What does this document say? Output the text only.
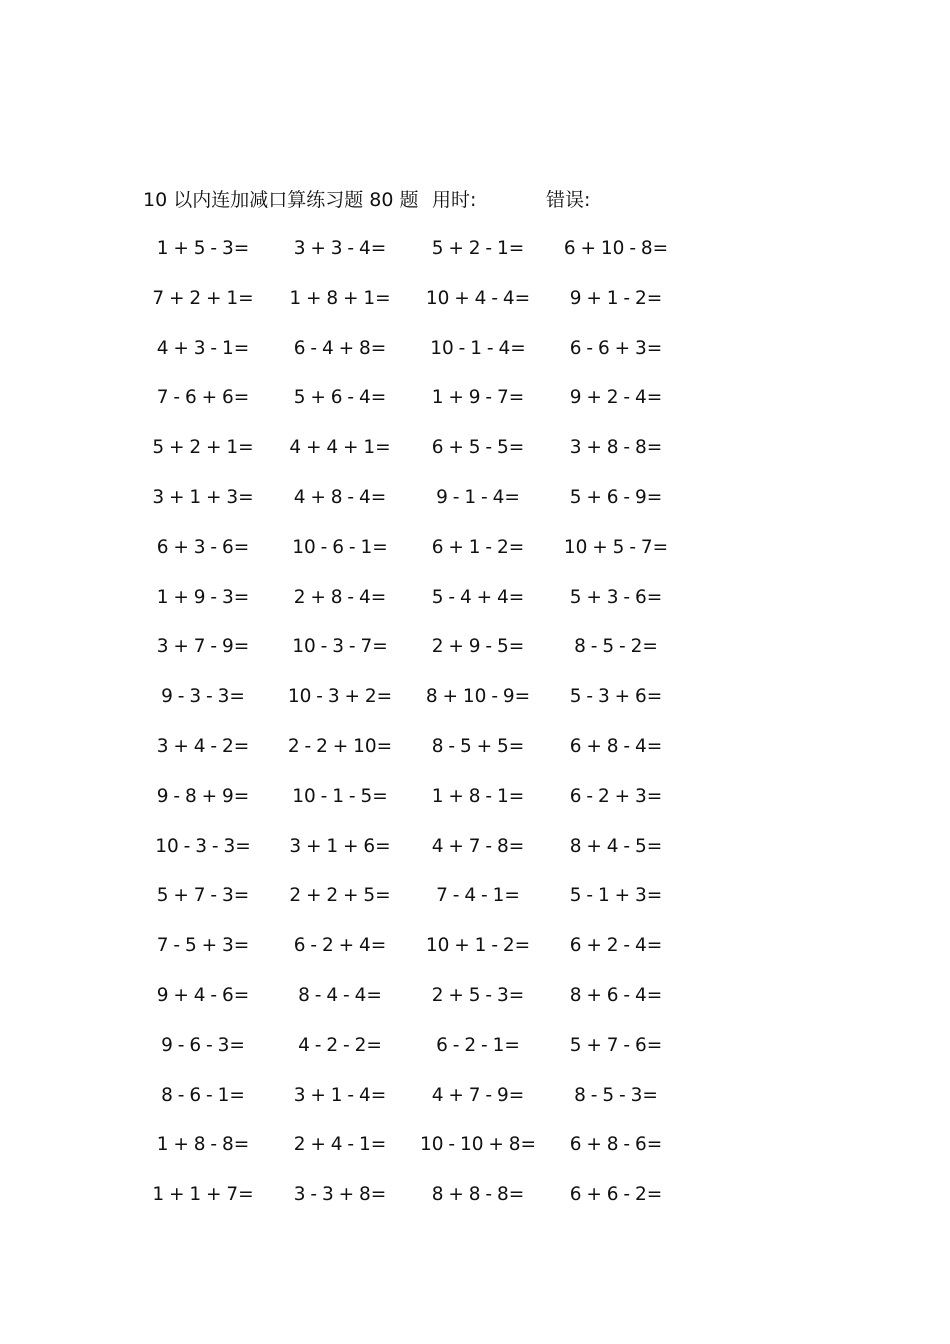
10 以内连加减口算练习题 80 题 用时:	错误:
1 + 5 - 3=	3 + 3 - 4=	5 + 2 - 1=	6 + 10 - 8=
7 + 2 + 1=	1 + 8 + 1=	10 + 4 - 4=	9 + 1 - 2=
4 + 3 - 1=	6 - 4 + 8=	10 - 1 - 4=	6 - 6 + 3=
7 - 6 + 6=	5 + 6 - 4=	1 + 9 - 7=	9 + 2 - 4=
5 + 2 + 1=	4 + 4 + 1=	6 + 5 - 5=	3 + 8 - 8=
3 + 1 + 3=	4 + 8 - 4=	9 - 1 - 4=	5 + 6 - 9=
6 + 3 - 6=	10 - 6 - 1=	6 + 1 - 2=	10 + 5 - 7=
1 + 9 - 3=	2 + 8 - 4=	5 - 4 + 4=	5 + 3 - 6=
3 + 7 - 9=	10 - 3 - 7=	2 + 9 - 5=	8 - 5 - 2=
9 - 3 - 3=	10 - 3 + 2=	8 + 10 - 9=	5 - 3 + 6=
3 + 4 - 2=	2 - 2 + 10=	8 - 5 + 5=	6 + 8 - 4=
9 - 8 + 9=	10 - 1 - 5=	1 + 8 - 1=	6 - 2 + 3=
10 - 3 - 3=	3 + 1 + 6=	4 + 7 - 8=	8 + 4 - 5=
5 + 7 - 3=	2 + 2 + 5=	7 - 4 - 1=	5 - 1 + 3=
7 - 5 + 3=	6 - 2 + 4=	10 + 1 - 2=	6 + 2 - 4=
9 + 4 - 6=	8 - 4 - 4=	2 + 5 - 3=	8 + 6 - 4=
9 - 6 - 3=	4 - 2 - 2=	6 - 2 - 1=	5 + 7 - 6=
8 - 6 - 1=	3 + 1 - 4=	4 + 7 - 9=	8 - 5 - 3=
1 + 8 - 8=	2 + 4 - 1=	10 - 10 + 8=	6 + 8 - 6=
1 + 1 + 7=	3 - 3 + 8=	8 + 8 - 8=	6 + 6 - 2=
